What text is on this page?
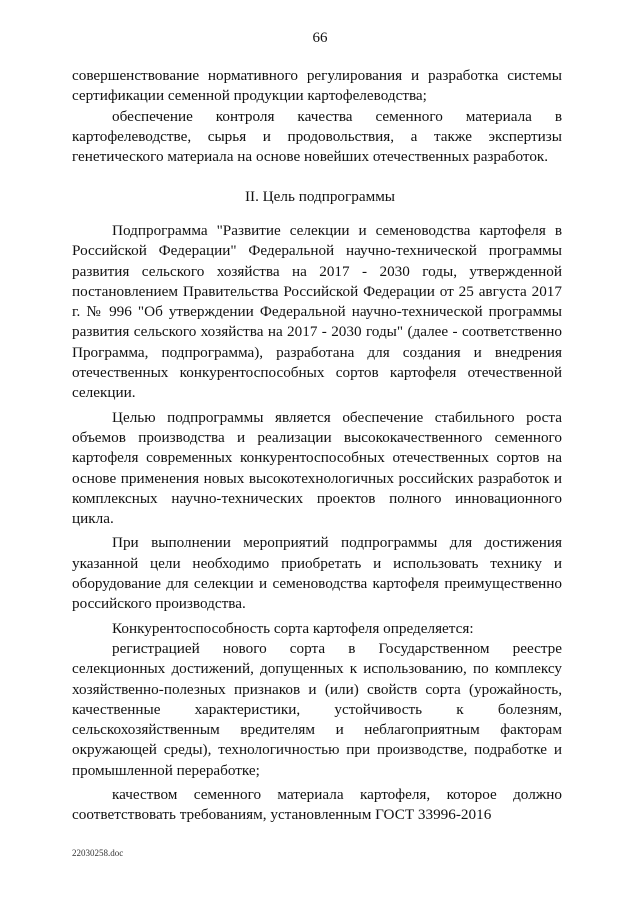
66

совершенствование нормативного регулирования и разработка системы сертификации семенной продукции картофелеводства;

обеспечение контроля качества семенного материала в картофелеводстве, сырья и продовольствия, а также экспертизы генетического материала на основе новейших отечественных разработок.

II. Цель подпрограммы

Подпрограмма "Развитие селекции и семеноводства картофеля в Российской Федерации" Федеральной научно-технической программы развития сельского хозяйства на 2017 - 2030 годы, утвержденной постановлением Правительства Российской Федерации от 25 августа 2017 г. № 996 "Об утверждении Федеральной научно-технической программы развития сельского хозяйства на 2017 - 2030 годы" (далее - соответственно Программа, подпрограмма), разработана для создания и внедрения отечественных конкурентоспособных сортов картофеля отечественной селекции.

Целью подпрограммы является обеспечение стабильного роста объемов производства и реализации высококачественного семенного картофеля современных конкурентоспособных отечественных сортов на основе применения новых высокотехнологичных российских разработок и комплексных научно-технических проектов полного инновационного цикла.

При выполнении мероприятий подпрограммы для достижения указанной цели необходимо приобретать и использовать технику и оборудование для селекции и семеноводства картофеля преимущественно российского производства.

Конкурентоспособность сорта картофеля определяется:

регистрацией нового сорта в Государственном реестре селекционных достижений, допущенных к использованию, по комплексу хозяйственно-полезных признаков и (или) свойств сорта (урожайность, качественные характеристики, устойчивость к болезням, сельскохозяйственным вредителям и неблагоприятным факторам окружающей среды), технологичностью при производстве, подработке и промышленной переработке;

качеством семенного материала картофеля, которое должно соответствовать требованиям, установленным ГОСТ 33996-2016

22030258.doc
